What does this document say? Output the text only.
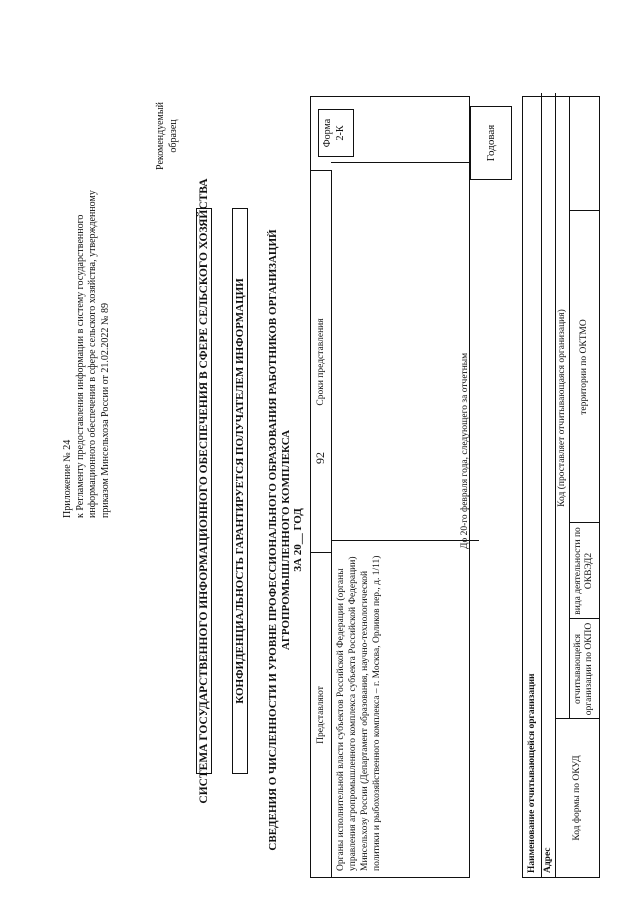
92
Приложение № 24 к Регламенту предоставления информации в систему государственного информационного обеспечения в сфере сельского хозяйства, утвержденному приказом Минсельхоза России от 21.02.2022 № 89
Рекомендуемый образец
СИСТЕМА ГОСУДАРСТВЕННОГО ИНФОРМАЦИОННОГО ОБЕСПЕЧЕНИЯ В СФЕРЕ СЕЛЬСКОГО ХОЗЯЙСТВА КОНФИДЕНЦИАЛЬНОСТЬ ГАРАНТИРУЕТСЯ ПОЛУЧАТЕЛЕМ ИНФОРМАЦИИ СВЕДЕНИЯ О ЧИСЛЕННОСТИ И УРОВНЕ ПРОФЕССИОНАЛЬНОГО ОБРАЗОВАНИЯ РАБОТНИКОВ ОРГАНИЗАЦИЙ АГРОПРОМЫШЛЕННОГО КОМПЛЕКСА ЗА 20__ ГОД
Представляют
Сроки представления
Органы исполнительной власти субъектов Российской Федерации (органы управления агропромышленного комплекса субъекта Российской Федерации) Минсельхозу России (Департамент образования, научно-технологической политики и рыбохозяйственного комплекса – г. Москва, Орликов пер., д. 1/11)
До 20-го февраля года, следующего за отчетным
Форма 2-К	Годовая
Наименование отчитывающейся организации Адрес
Код формы по ОКУД
Код (проставляет отчитывающаяся организация)
отчитывающейся организации по ОКПО
вида деятельности по ОКВЭД2
территории по ОКТМО
